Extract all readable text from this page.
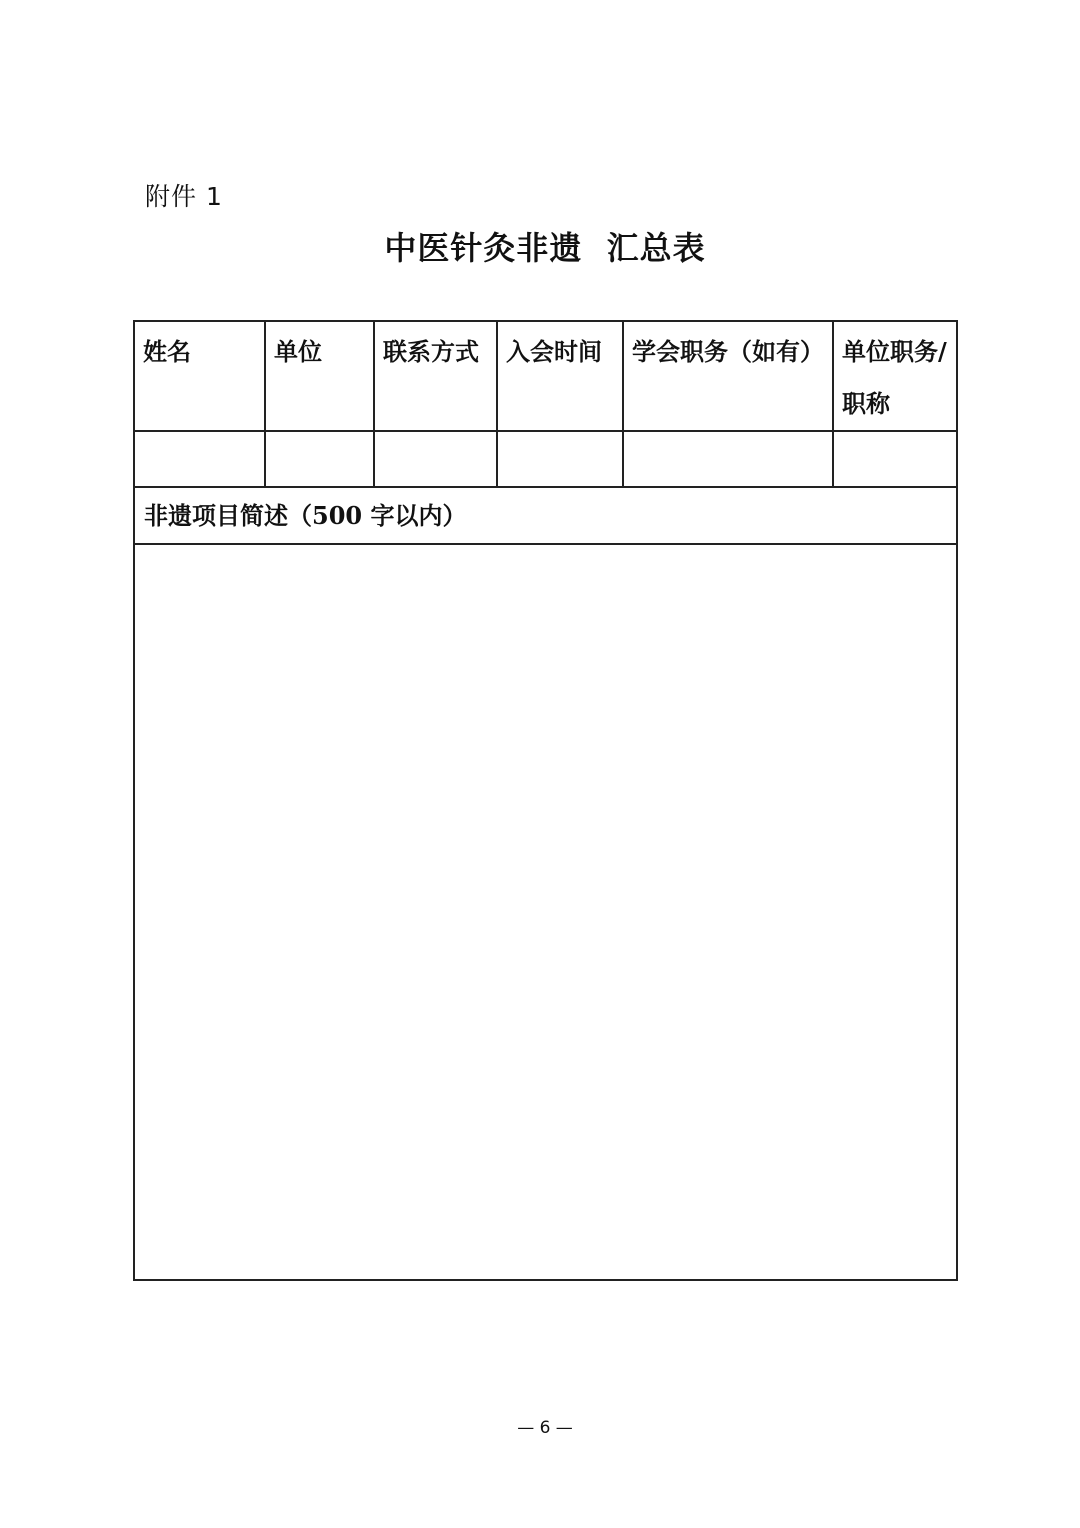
附件 1
中医针灸非遗  汇总表
姓名	单位	联系方式	入会时间	学会职务（如有）	单位职务/职称

非遗项目简述（500 字以内）					

— 6 —
